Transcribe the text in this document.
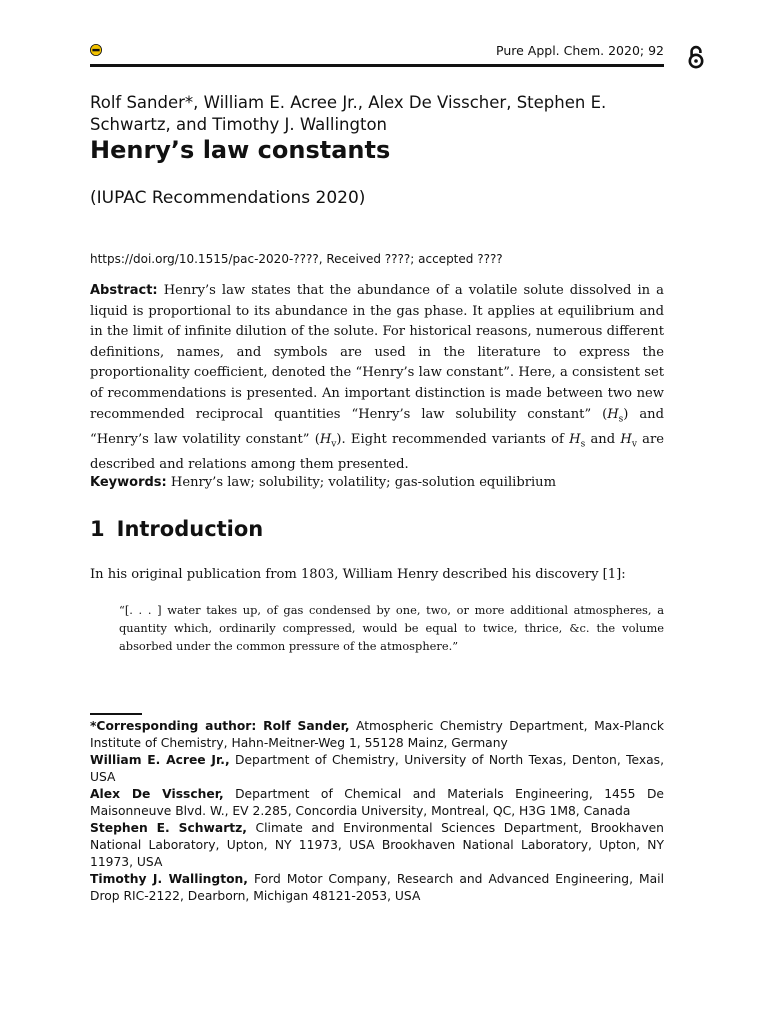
Pure Appl. Chem. 2020; 92
Rolf Sander*, William E. Acree Jr., Alex De Visscher, Stephen E. Schwartz, and Timothy J. Wallington
Henry’s law constants
(IUPAC Recommendations 2020)
https://doi.org/10.1515/pac-2020-????, Received ????; accepted ????
Abstract: Henry’s law states that the abundance of a volatile solute dissolved in a liquid is proportional to its abundance in the gas phase. It applies at equilibrium and in the limit of infinite dilution of the solute. For historical reasons, numerous different definitions, names, and symbols are used in the literature to express the proportionality coefficient, denoted the “Henry’s law constant”. Here, a consistent set of recommendations is presented. An important distinction is made between two new recommended reciprocal quantities “Henry’s law solubility constant” $(H_s)$ and “Henry’s law volatility constant” $(H_v)$. Eight recommended variants of $H_s$ and $H_v$ are described and relations among them presented.
Keywords: Henry’s law; solubility; volatility; gas-solution equilibrium
1 Introduction
In his original publication from 1803, William Henry described his discovery [1]:
“[. . . ] water takes up, of gas condensed by one, two, or more additional atmospheres, a quantity which, ordinarily compressed, would be equal to twice, thrice, &c. the volume absorbed under the common pressure of the atmosphere.”

*Corresponding author: Rolf Sander, Atmospheric Chemistry Department, Max-Planck Institute of Chemistry, Hahn-Meitner-Weg 1, 55128 Mainz, Germany

William E. Acree Jr., Department of Chemistry, University of North Texas, Denton, Texas, USA

Alex De Visscher, Department of Chemical and Materials Engineering, 1455 De Maisonneuve Blvd. W., EV 2.285, Concordia University, Montreal, QC, H3G 1M8, Canada

Stephen E. Schwartz, Climate and Environmental Sciences Department, Brookhaven National Laboratory, Upton, NY 11973, USA Brookhaven National Laboratory, Upton, NY 11973, USA

Timothy J. Wallington, Ford Motor Company, Research and Advanced Engineering, Mail Drop RIC-2122, Dearborn, Michigan 48121-2053, USA
